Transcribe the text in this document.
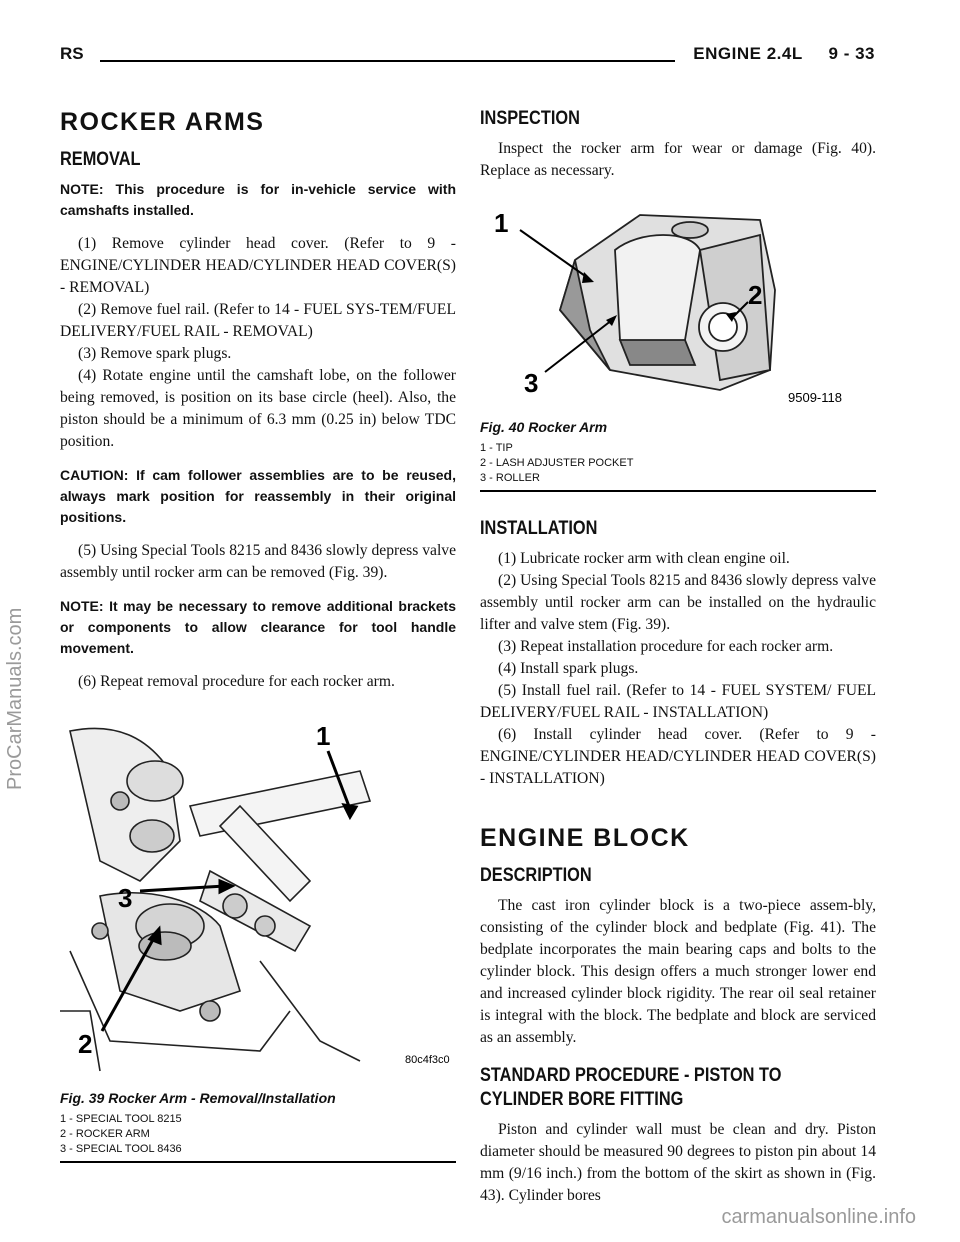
RS	ENGINE 2.4L     9 - 33
ROCKER ARMS
REMOVAL

NOTE: This procedure is for in-vehicle service with camshafts installed.

(1) Remove cylinder head cover. (Refer to 9 - ENGINE/CYLINDER HEAD/CYLINDER HEAD COVER(S) - REMOVAL)

(2) Remove fuel rail. (Refer to 14 - FUEL SYS-TEM/FUEL DELIVERY/FUEL RAIL - REMOVAL)

(3) Remove spark plugs.

(4) Rotate engine until the camshaft lobe, on the follower being removed, is position on its base circle (heel). Also, the piston should be a minimum of 6.3 mm (0.25 in) below TDC position.

CAUTION: If cam follower assemblies are to be reused, always mark position for reassembly in their original positions.

(5) Using Special Tools 8215 and 8436 slowly depress valve assembly until rocker arm can be removed (Fig. 39).

NOTE: It may be necessary to remove additional brackets or components to allow clearance for tool handle movement.

(6) Repeat removal procedure for each rocker arm.

1
3
2
80c4f3c0
Fig. 39 Rocker Arm - Removal/Installation
1 - SPECIAL TOOL 8215
2 - ROCKER ARM
3 - SPECIAL TOOL 8436
INSPECTION

Inspect the rocker arm for wear or damage (Fig. 40). Replace as necessary.

1
2
3	9509-118
Fig. 40 Rocker Arm
1 - TIP
2 - LASH ADJUSTER POCKET
3 - ROLLER
INSTALLATION

(1) Lubricate rocker arm with clean engine oil.

(2) Using Special Tools 8215 and 8436 slowly depress valve assembly until rocker arm can be installed on the hydraulic lifter and valve stem (Fig. 39).

(3) Repeat installation procedure for each rocker arm.

(4) Install spark plugs.

(5) Install fuel rail. (Refer to 14 - FUEL SYSTEM/ FUEL DELIVERY/FUEL RAIL - INSTALLATION)

(6) Install cylinder head cover. (Refer to 9 - ENGINE/CYLINDER HEAD/CYLINDER HEAD COVER(S) - INSTALLATION)

ENGINE BLOCK
DESCRIPTION

The cast iron cylinder block is a two-piece assem-bly, consisting of the cylinder block and bedplate (Fig. 41). The bedplate incorporates the main bearing caps and bolts to the cylinder block. This design offers a much stronger lower end and increased cylinder block rigidity. The rear oil seal retainer is integral with the block. The bedplate and block are serviced as an assembly.

STANDARD PROCEDURE - PISTON TO
CYLINDER BORE FITTING

Piston and cylinder wall must be clean and dry. Piston diameter should be measured 90 degrees to piston pin about 14 mm (9/16 inch.) from the bottom of the skirt as shown in (Fig. 43). Cylinder bores

ProCarManuals.com
carmanualsonline.info
